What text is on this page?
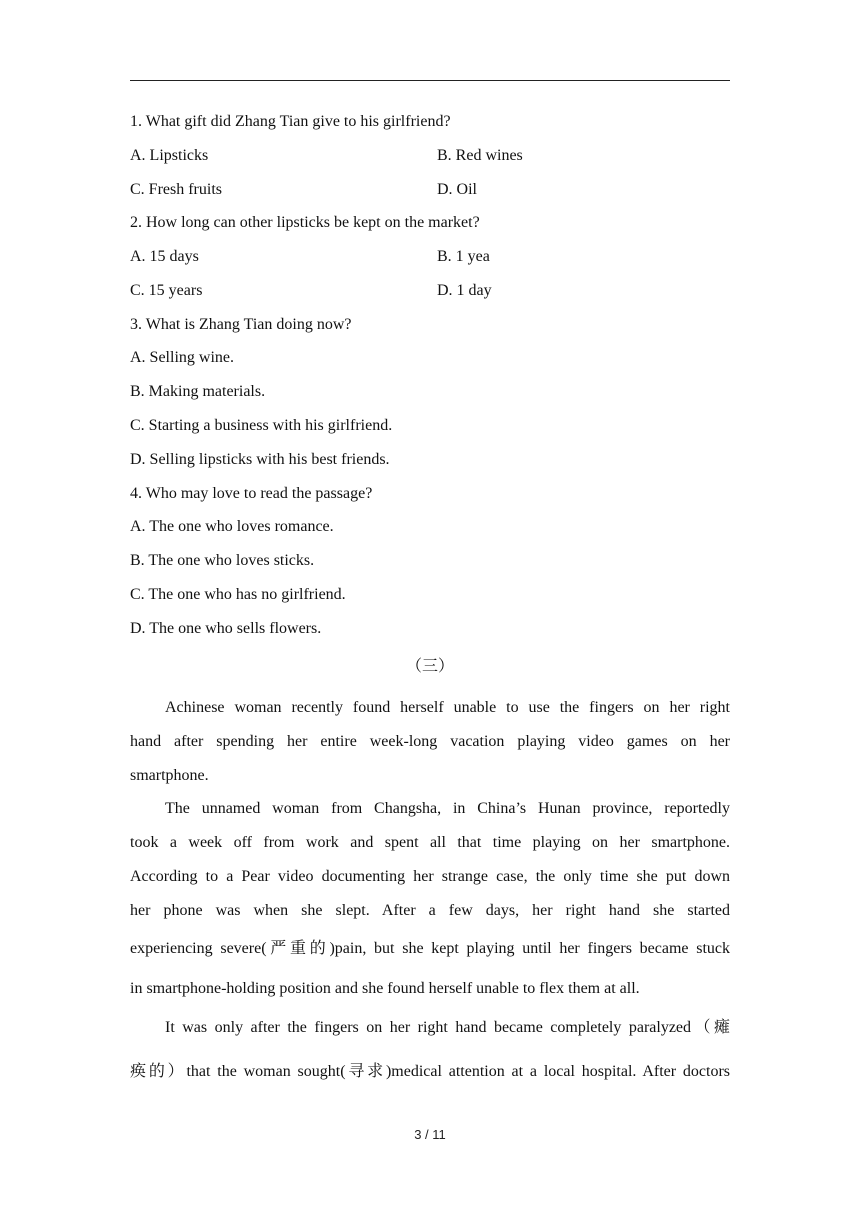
1. What gift did Zhang Tian give to his girlfriend?
A. Lipsticks	B. Red wines
C. Fresh fruits	D. Oil
2. How long can other lipsticks be kept on the market?
A. 15 days	B. 1 yea
C. 15 years	D. 1 day
3. What is Zhang Tian doing now?
A. Selling wine.
B. Making materials.
C. Starting a business with his girlfriend.
D. Selling lipsticks with his best friends.
4. Who may love to read the passage?
A. The one who loves romance.
B. The one who loves sticks.
C. The one who has no girlfriend.
D. The one who sells flowers.
（三）
Achinese woman recently found herself unable to use the fingers on her right
hand after spending her entire week-long vacation playing video games on her
smartphone.
The unnamed woman from Changsha, in China’s Hunan province, reportedly
took a week off from work and spent all that time playing on her smartphone.
According to a Pear video documenting her strange case, the only time she put down
her phone was when she slept. After a few days, her right hand she started
experiencing severe(严重的)pain, but she kept playing until her fingers became stuck
in smartphone-holding position and she found herself unable to flex them at all.
It was only after the fingers on her right hand became completely paralyzed（瘫
痪的）that the woman sought(寻求)medical attention at a local hospital. After doctors
3 / 11
